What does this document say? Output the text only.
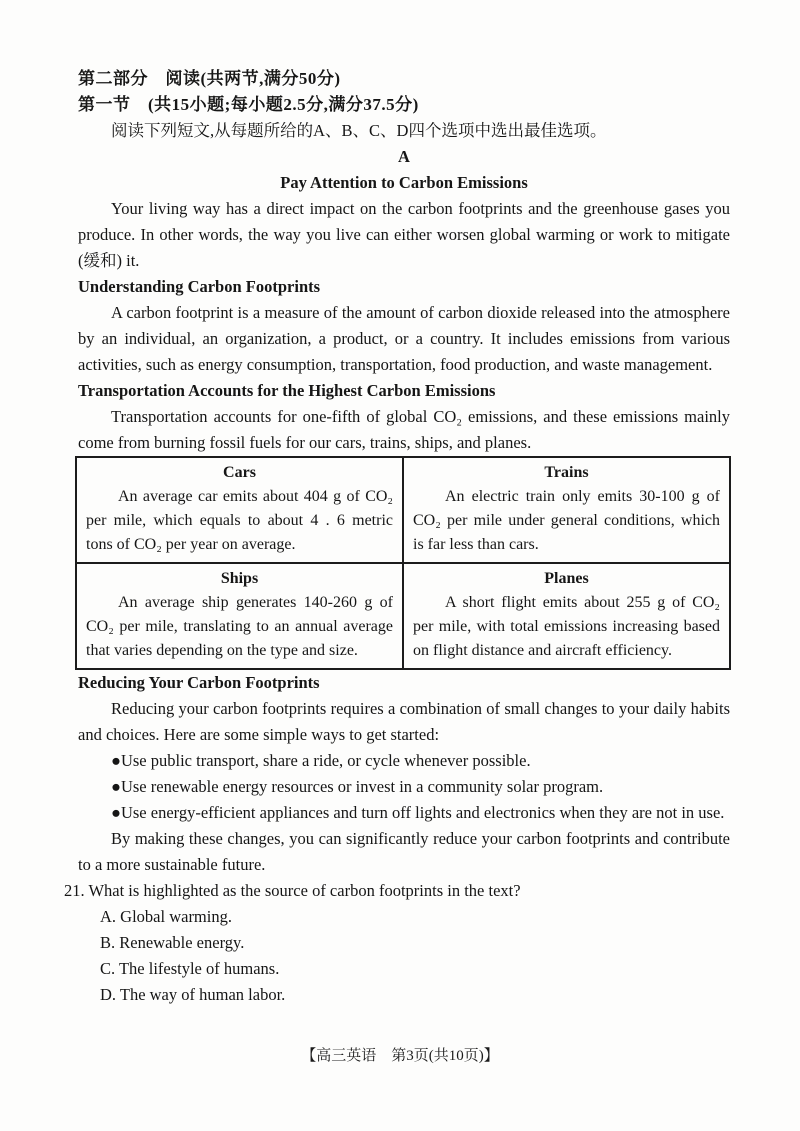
第二部分　阅读(共两节,满分50分)

第一节　(共15小题;每小题2.5分,满分37.5分)

阅读下列短文,从每题所给的A、B、C、D四个选项中选出最佳选项。

A

Pay Attention to Carbon Emissions

Your living way has a direct impact on the carbon footprints and the greenhouse gases you produce. In other words, the way you live can either worsen global warming or work to mitigate (缓和) it.

Understanding Carbon Footprints

A carbon footprint is a measure of the amount of carbon dioxide released into the atmosphere by an individual, an organization, a product, or a country. It includes emissions from various activities, such as energy consumption, transportation, food production, and waste management.

Transportation Accounts for the Highest Carbon Emissions

Transportation accounts for one-fifth of global CO₂ emissions, and these emissions mainly come from burning fossil fuels for our cars, trains, ships, and planes.

Cars
An average car emits about 404 g of CO₂ per mile, which equals to about 4 . 6 metric tons of CO₂ per year on average.

Trains
An electric train only emits 30-100 g of CO₂ per mile under general conditions, which is far less than cars.

Ships
An average ship generates 140-260 g of CO₂ per mile, translating to an annual average that varies depending on the type and size.

Planes
A short flight emits about 255 g of CO₂ per mile, with total emissions increasing based on flight distance and aircraft efficiency.

Reducing Your Carbon Footprints

Reducing your carbon footprints requires a combination of small changes to your daily habits and choices. Here are some simple ways to get started:

●Use public transport, share a ride, or cycle whenever possible.

●Use renewable energy resources or invest in a community solar program.

●Use energy-efficient appliances and turn off lights and electronics when they are not in use.

By making these changes, you can significantly reduce your carbon footprints and contribute to a more sustainable future.

21. What is highlighted as the source of carbon footprints in the text?

A. Global warming.

B. Renewable energy.

C. The lifestyle of humans.

D. The way of human labor.

【高三英语　第3页(共10页)】
